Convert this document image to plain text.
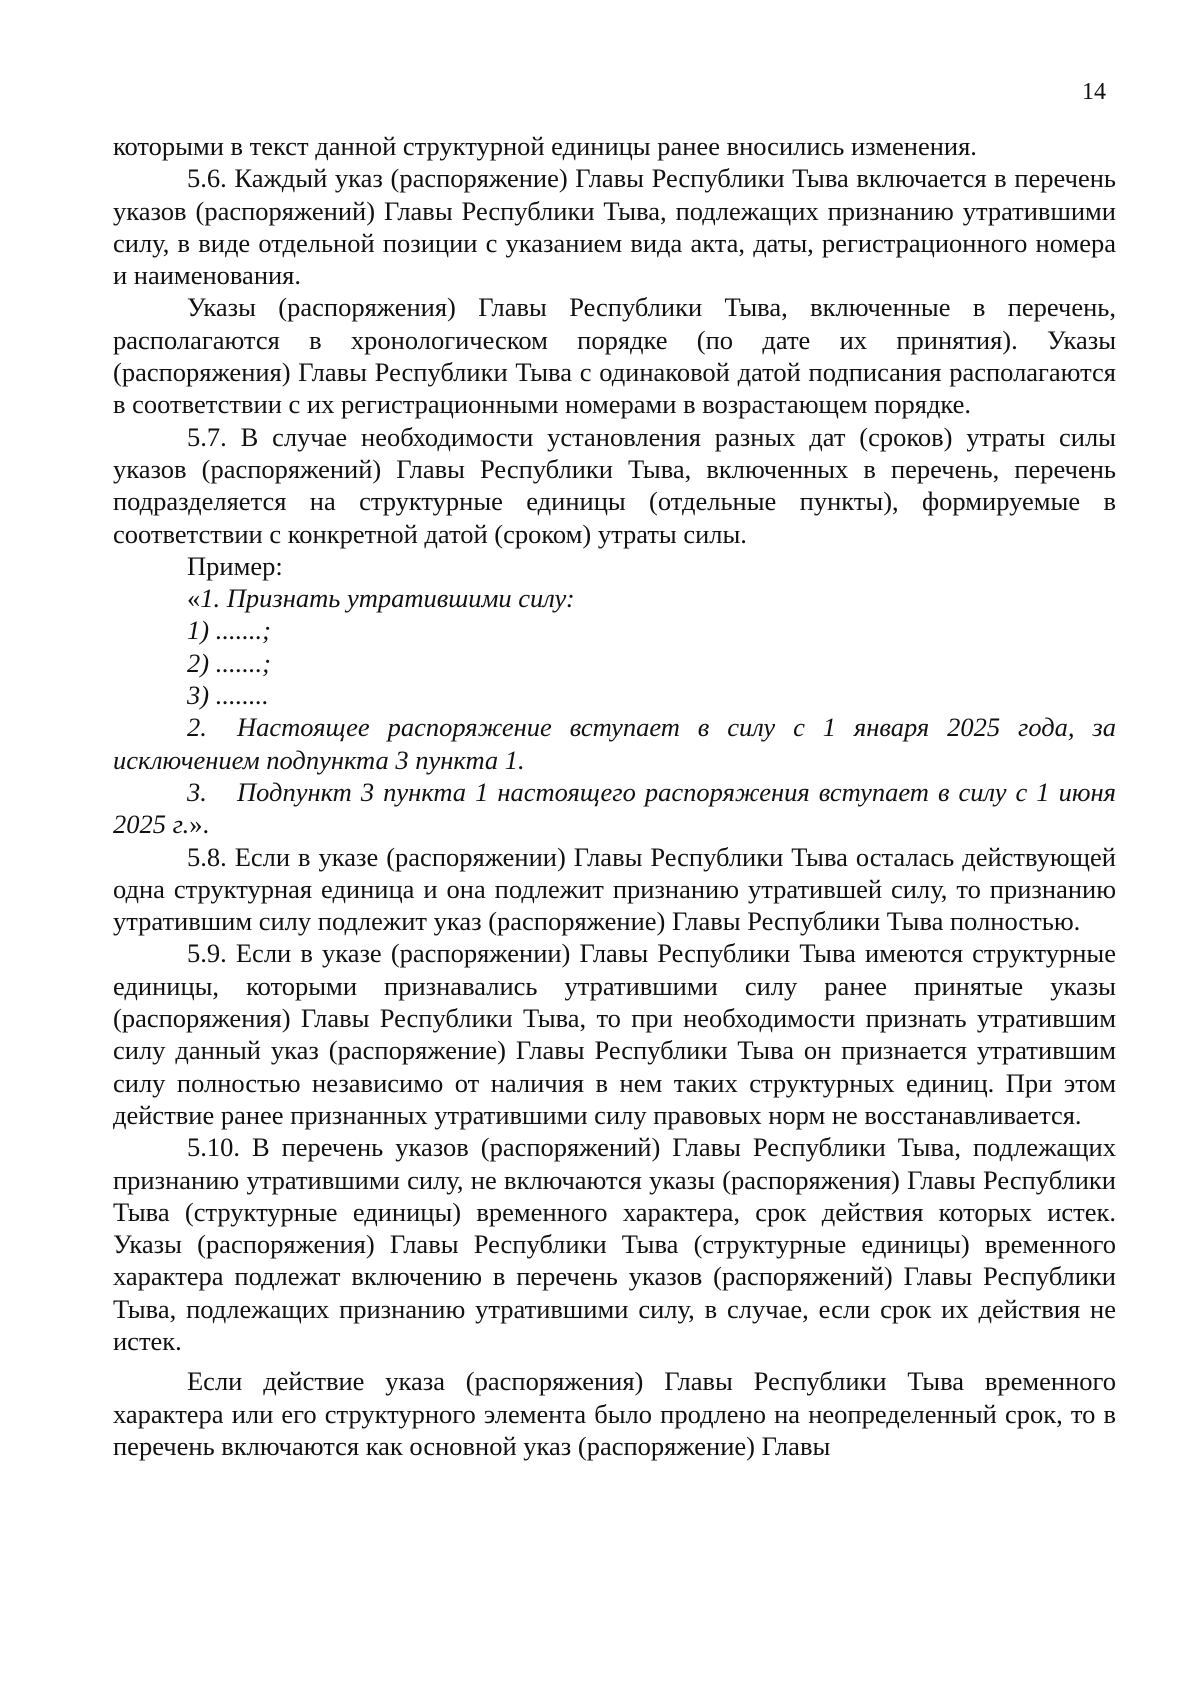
14

которыми в текст данной структурной единицы ранее вносились изменения.

5.6. Каждый указ (распоряжение) Главы Республики Тыва включается в перечень указов (распоряжений) Главы Республики Тыва, подлежащих признанию утратившими силу, в виде отдельной позиции с указанием вида акта, даты, регистрационного номера и наименования.

Указы (распоряжения) Главы Республики Тыва, включенные в перечень, располагаются в хронологическом порядке (по дате их принятия). Указы (распоряжения) Главы Республики Тыва с одинаковой датой подписания располагаются в соответствии с их регистрационными номерами в возрастающем порядке.

5.7. В случае необходимости установления разных дат (сроков) утраты силы указов (распоряжений) Главы Республики Тыва, включенных в перечень, перечень подразделяется на структурные единицы (отдельные пункты), формируемые в соответствии с конкретной датой (сроком) утраты силы.

Пример:

«1. Признать утратившими силу:

1) .......;

2) .......;

3) ........

2. Настоящее распоряжение вступает в силу с 1 января 2025 года, за исключением подпункта 3 пункта 1.

3. Подпункт 3 пункта 1 настоящего распоряжения вступает в силу с 1 июня 2025 г.».

5.8. Если в указе (распоряжении) Главы Республики Тыва осталась действующей одна структурная единица и она подлежит признанию утратившей силу, то признанию утратившим силу подлежит указ (распоряжение) Главы Республики Тыва полностью.

5.9. Если в указе (распоряжении) Главы Республики Тыва имеются структурные единицы, которыми признавались утратившими силу ранее принятые указы (распоряжения) Главы Республики Тыва, то при необходимости признать утратившим силу данный указ (распоряжение) Главы Республики Тыва он признается утратившим силу полностью независимо от наличия в нем таких структурных единиц. При этом действие ранее признанных утратившими силу правовых норм не восстанавливается.

5.10. В перечень указов (распоряжений) Главы Республики Тыва, подлежащих признанию утратившими силу, не включаются указы (распоряжения) Главы Республики Тыва (структурные единицы) временного характера, срок действия которых истек. Указы (распоряжения) Главы Республики Тыва (структурные единицы) временного характера подлежат включению в перечень указов (распоряжений) Главы Республики Тыва, подлежащих признанию утратившими силу, в случае, если срок их действия не истек.

Если действие указа (распоряжения) Главы Республики Тыва временного характера или его структурного элемента было продлено на неопределенный срок, то в перечень включаются как основной указ (распоряжение) Главы
